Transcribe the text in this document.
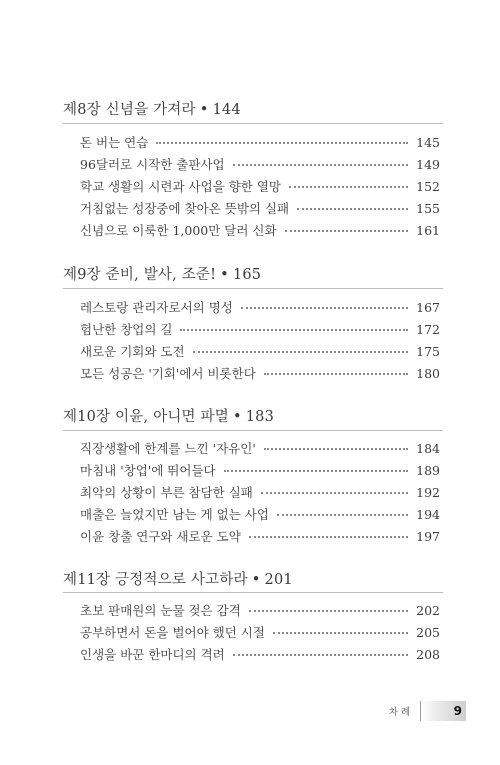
제8장 신념을 가져라 • 144
돈 버는 연습	145
96달러로 시작한 출판사업	149
학교 생활의 시련과 사업을 향한 열망	152
거침없는 성장중에 찾아온 뜻밖의 실패	155
신념으로 이룩한 1,000만 달러 신화	161
제9장 준비, 발사, 조준! • 165
레스토랑 관리자로서의 명성	167
험난한 창업의 길	172
새로운 기회와 도전	175
모든 성공은 '기회'에서 비롯한다	180
제10장 이윤, 아니면 파멸 • 183
직장생활에 한계를 느낀 '자유인'	184
마침내 '창업'에 뛰어들다	189
최악의 상황이 부른 참담한 실패	192
매출은 늘었지만 남는 게 없는 사업	194
이윤 창출 연구와 새로운 도약	197
제11장 긍정적으로 사고하라 • 201
초보 판매원의 눈물 젖은 감격	202
공부하면서 돈을 벌어야 했던 시절	205
인생을 바꾼 한마디의 격려	208
차례	9
